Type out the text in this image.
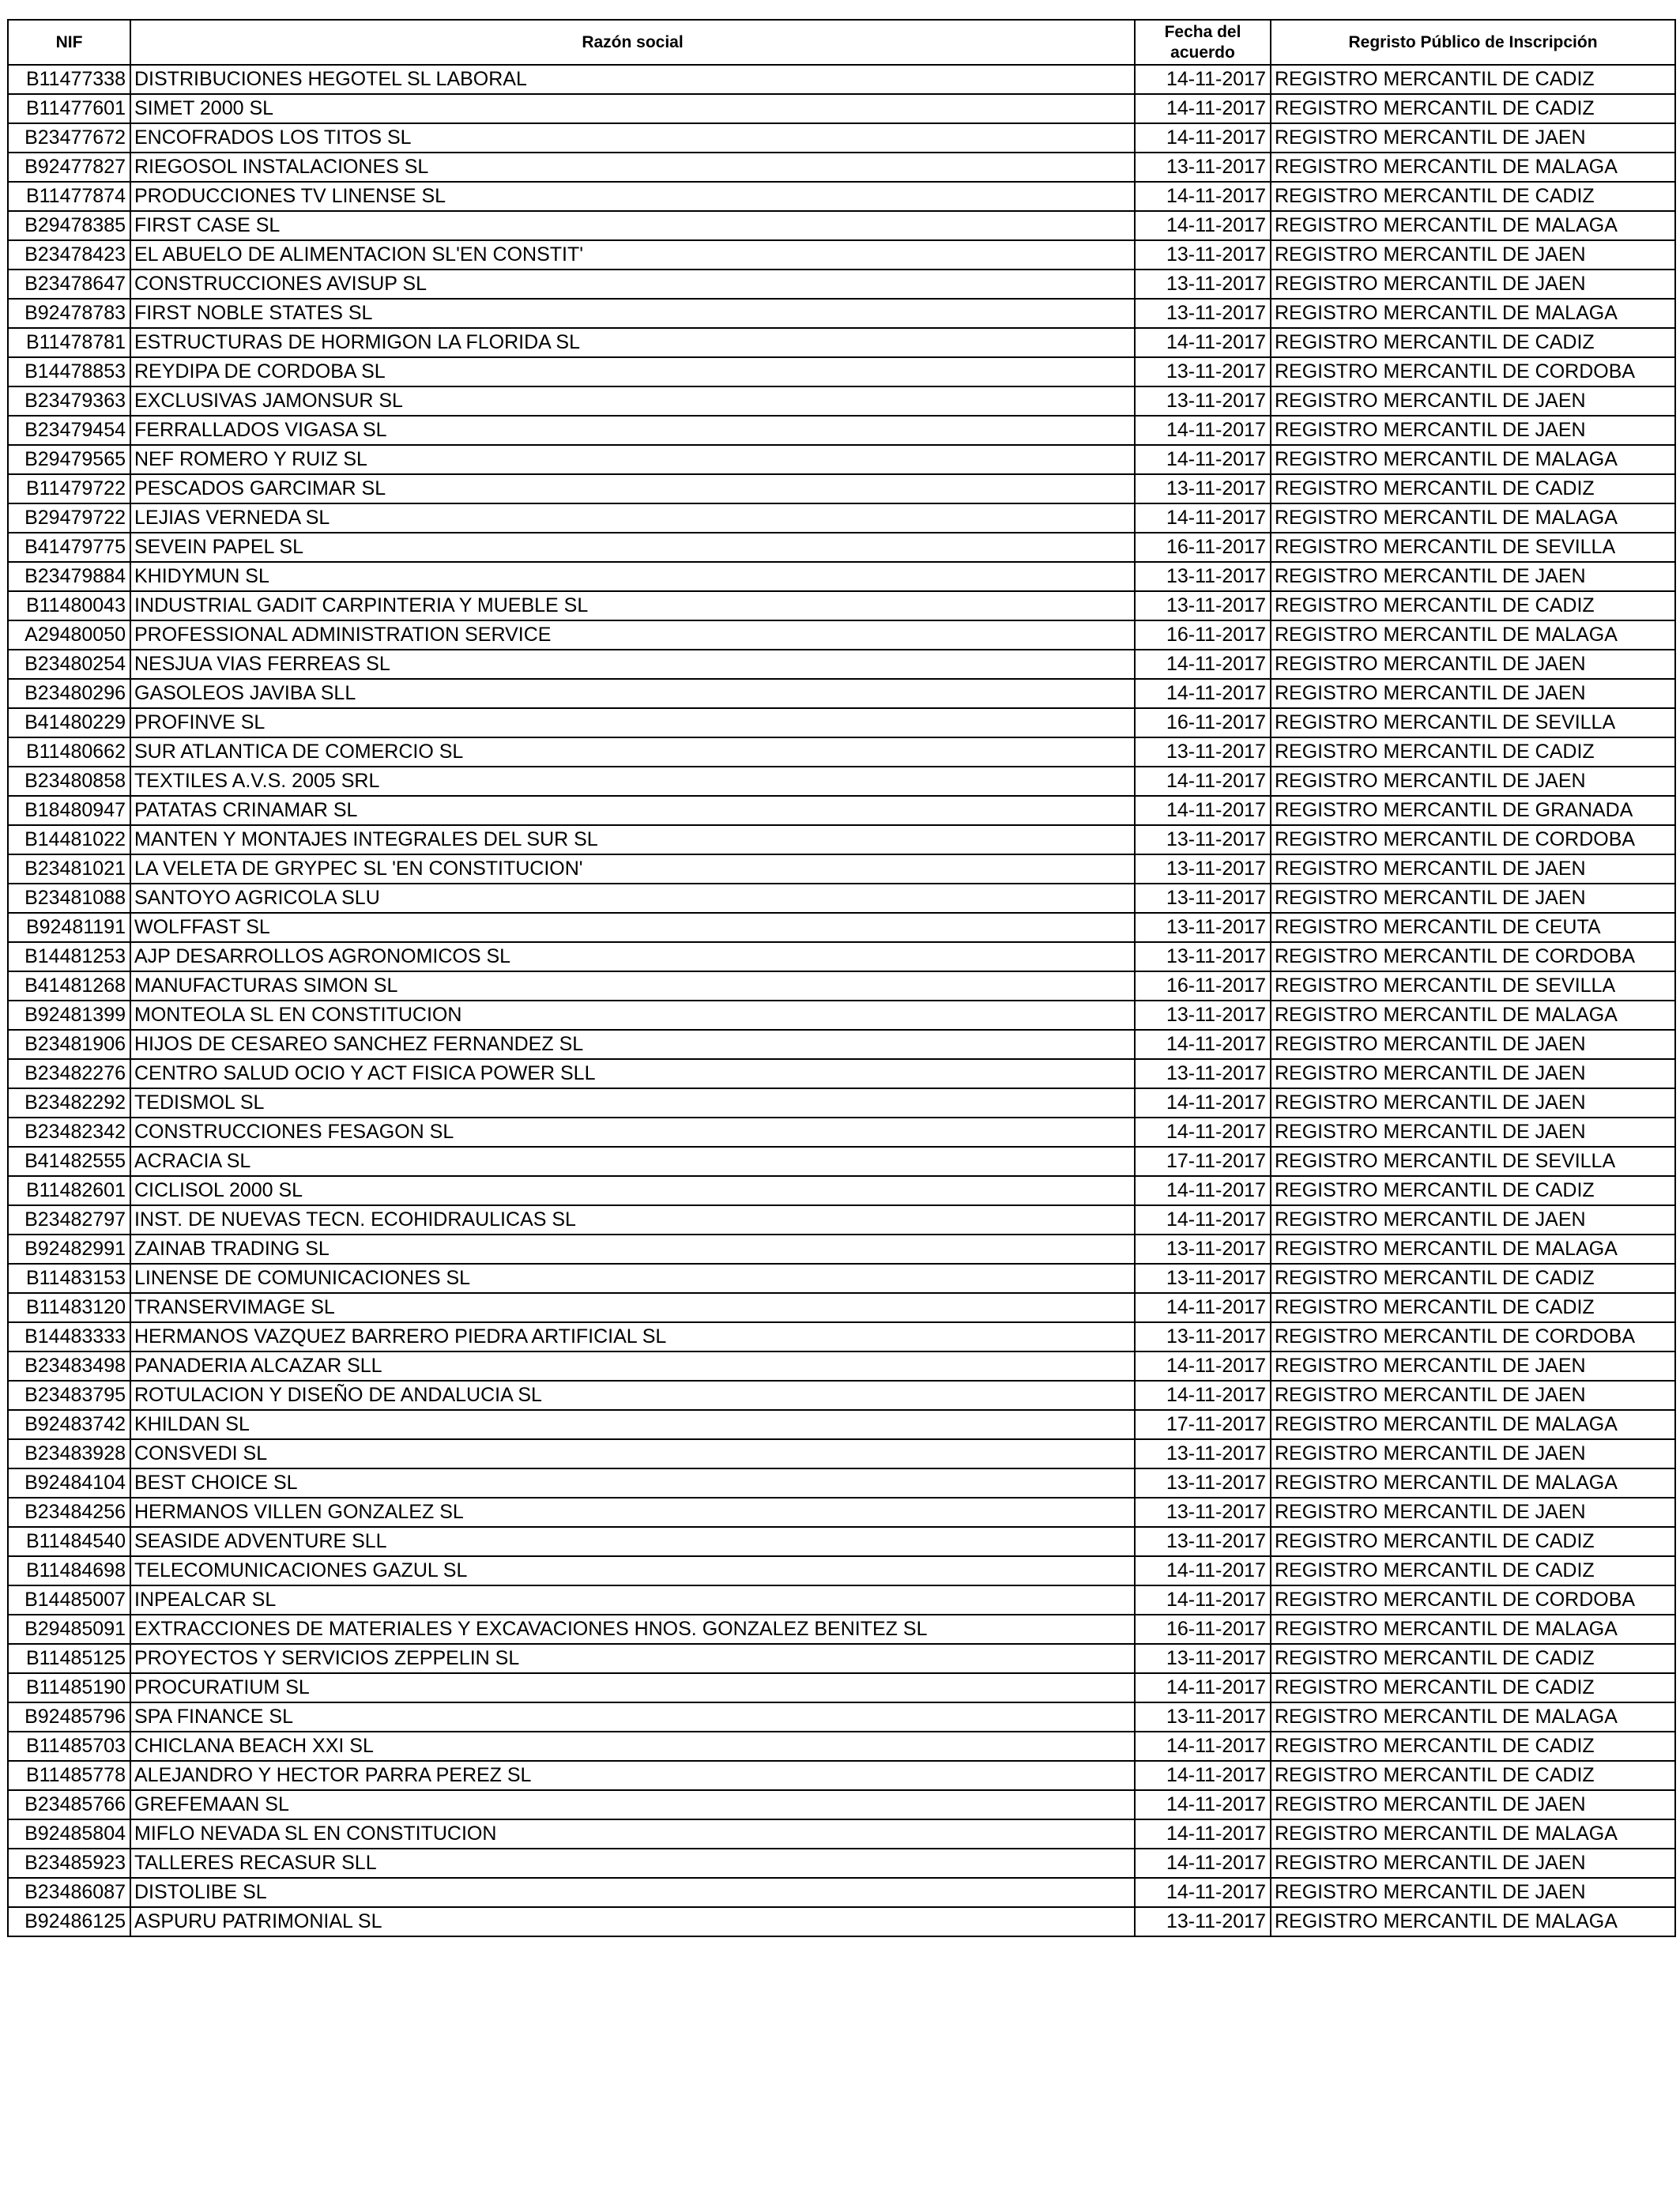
NIF	Razón social	Fecha del acuerdo	Regristo Público de Inscripción
B11477338	DISTRIBUCIONES HEGOTEL SL LABORAL	14-11-2017	REGISTRO MERCANTIL DE CADIZ
B11477601	SIMET 2000 SL	14-11-2017	REGISTRO MERCANTIL DE CADIZ
B23477672	ENCOFRADOS LOS TITOS SL	14-11-2017	REGISTRO MERCANTIL DE JAEN
B92477827	RIEGOSOL INSTALACIONES SL	13-11-2017	REGISTRO MERCANTIL DE MALAGA
B11477874	PRODUCCIONES TV LINENSE SL	14-11-2017	REGISTRO MERCANTIL DE CADIZ
B29478385	FIRST CASE SL	14-11-2017	REGISTRO MERCANTIL DE MALAGA
B23478423	EL ABUELO DE ALIMENTACION SL'EN CONSTIT'	13-11-2017	REGISTRO MERCANTIL DE JAEN
B23478647	CONSTRUCCIONES AVISUP SL	13-11-2017	REGISTRO MERCANTIL DE JAEN
B92478783	FIRST NOBLE STATES SL	13-11-2017	REGISTRO MERCANTIL DE MALAGA
B11478781	ESTRUCTURAS DE HORMIGON LA FLORIDA SL	14-11-2017	REGISTRO MERCANTIL DE CADIZ
B14478853	REYDIPA DE CORDOBA SL	13-11-2017	REGISTRO MERCANTIL DE CORDOBA
B23479363	EXCLUSIVAS JAMONSUR SL	13-11-2017	REGISTRO MERCANTIL DE JAEN
B23479454	FERRALLADOS VIGASA SL	14-11-2017	REGISTRO MERCANTIL DE JAEN
B29479565	NEF ROMERO Y RUIZ SL	14-11-2017	REGISTRO MERCANTIL DE MALAGA
B11479722	PESCADOS GARCIMAR SL	13-11-2017	REGISTRO MERCANTIL DE CADIZ
B29479722	LEJIAS VERNEDA SL	14-11-2017	REGISTRO MERCANTIL DE MALAGA
B41479775	SEVEIN PAPEL SL	16-11-2017	REGISTRO MERCANTIL DE SEVILLA
B23479884	KHIDYMUN SL	13-11-2017	REGISTRO MERCANTIL DE JAEN
B11480043	INDUSTRIAL GADIT CARPINTERIA Y MUEBLE SL	13-11-2017	REGISTRO MERCANTIL DE CADIZ
A29480050	PROFESSIONAL ADMINISTRATION SERVICE	16-11-2017	REGISTRO MERCANTIL DE MALAGA
B23480254	NESJUA VIAS FERREAS SL	14-11-2017	REGISTRO MERCANTIL DE JAEN
B23480296	GASOLEOS JAVIBA SLL	14-11-2017	REGISTRO MERCANTIL DE JAEN
B41480229	PROFINVE SL	16-11-2017	REGISTRO MERCANTIL DE SEVILLA
B11480662	SUR ATLANTICA DE COMERCIO SL	13-11-2017	REGISTRO MERCANTIL DE CADIZ
B23480858	TEXTILES A.V.S. 2005 SRL	14-11-2017	REGISTRO MERCANTIL DE JAEN
B18480947	PATATAS CRINAMAR SL	14-11-2017	REGISTRO MERCANTIL DE GRANADA
B14481022	MANTEN Y MONTAJES INTEGRALES DEL SUR SL	13-11-2017	REGISTRO MERCANTIL DE CORDOBA
B23481021	LA VELETA DE GRYPEC SL 'EN CONSTITUCION'	13-11-2017	REGISTRO MERCANTIL DE JAEN
B23481088	SANTOYO AGRICOLA SLU	13-11-2017	REGISTRO MERCANTIL DE JAEN
B92481191	WOLFFAST SL	13-11-2017	REGISTRO MERCANTIL DE CEUTA
B14481253	AJP DESARROLLOS AGRONOMICOS SL	13-11-2017	REGISTRO MERCANTIL DE CORDOBA
B41481268	MANUFACTURAS SIMON SL	16-11-2017	REGISTRO MERCANTIL DE SEVILLA
B92481399	MONTEOLA SL EN CONSTITUCION	13-11-2017	REGISTRO MERCANTIL DE MALAGA
B23481906	HIJOS DE CESAREO SANCHEZ FERNANDEZ SL	14-11-2017	REGISTRO MERCANTIL DE JAEN
B23482276	CENTRO SALUD OCIO Y ACT FISICA POWER SLL	13-11-2017	REGISTRO MERCANTIL DE JAEN
B23482292	TEDISMOL SL	14-11-2017	REGISTRO MERCANTIL DE JAEN
B23482342	CONSTRUCCIONES FESAGON SL	14-11-2017	REGISTRO MERCANTIL DE JAEN
B41482555	ACRACIA SL	17-11-2017	REGISTRO MERCANTIL DE SEVILLA
B11482601	CICLISOL 2000 SL	14-11-2017	REGISTRO MERCANTIL DE CADIZ
B23482797	INST. DE NUEVAS TECN. ECOHIDRAULICAS SL	14-11-2017	REGISTRO MERCANTIL DE JAEN
B92482991	ZAINAB TRADING SL	13-11-2017	REGISTRO MERCANTIL DE MALAGA
B11483153	LINENSE DE COMUNICACIONES SL	13-11-2017	REGISTRO MERCANTIL DE CADIZ
B11483120	TRANSERVIMAGE SL	14-11-2017	REGISTRO MERCANTIL DE CADIZ
B14483333	HERMANOS VAZQUEZ BARRERO PIEDRA ARTIFICIAL SL	13-11-2017	REGISTRO MERCANTIL DE CORDOBA
B23483498	PANADERIA ALCAZAR SLL	14-11-2017	REGISTRO MERCANTIL DE JAEN
B23483795	ROTULACION Y DISEÑO DE ANDALUCIA SL	14-11-2017	REGISTRO MERCANTIL DE JAEN
B92483742	KHILDAN SL	17-11-2017	REGISTRO MERCANTIL DE MALAGA
B23483928	CONSVEDI SL	13-11-2017	REGISTRO MERCANTIL DE JAEN
B92484104	BEST CHOICE SL	13-11-2017	REGISTRO MERCANTIL DE MALAGA
B23484256	HERMANOS VILLEN GONZALEZ SL	13-11-2017	REGISTRO MERCANTIL DE JAEN
B11484540	SEASIDE ADVENTURE SLL	13-11-2017	REGISTRO MERCANTIL DE CADIZ
B11484698	TELECOMUNICACIONES GAZUL SL	14-11-2017	REGISTRO MERCANTIL DE CADIZ
B14485007	INPEALCAR SL	14-11-2017	REGISTRO MERCANTIL DE CORDOBA
B29485091	EXTRACCIONES DE MATERIALES Y EXCAVACIONES HNOS. GONZALEZ BENITEZ SL	16-11-2017	REGISTRO MERCANTIL DE MALAGA
B11485125	PROYECTOS Y SERVICIOS ZEPPELIN SL	13-11-2017	REGISTRO MERCANTIL DE CADIZ
B11485190	PROCURATIUM SL	14-11-2017	REGISTRO MERCANTIL DE CADIZ
B92485796	SPA FINANCE SL	13-11-2017	REGISTRO MERCANTIL DE MALAGA
B11485703	CHICLANA BEACH XXI SL	14-11-2017	REGISTRO MERCANTIL DE CADIZ
B11485778	ALEJANDRO Y HECTOR PARRA PEREZ SL	14-11-2017	REGISTRO MERCANTIL DE CADIZ
B23485766	GREFEMAAN SL	14-11-2017	REGISTRO MERCANTIL DE JAEN
B92485804	MIFLO NEVADA SL EN CONSTITUCION	14-11-2017	REGISTRO MERCANTIL DE MALAGA
B23485923	TALLERES RECASUR SLL	14-11-2017	REGISTRO MERCANTIL DE JAEN
B23486087	DISTOLIBE SL	14-11-2017	REGISTRO MERCANTIL DE JAEN
B92486125	ASPURU PATRIMONIAL SL	13-11-2017	REGISTRO MERCANTIL DE MALAGA
